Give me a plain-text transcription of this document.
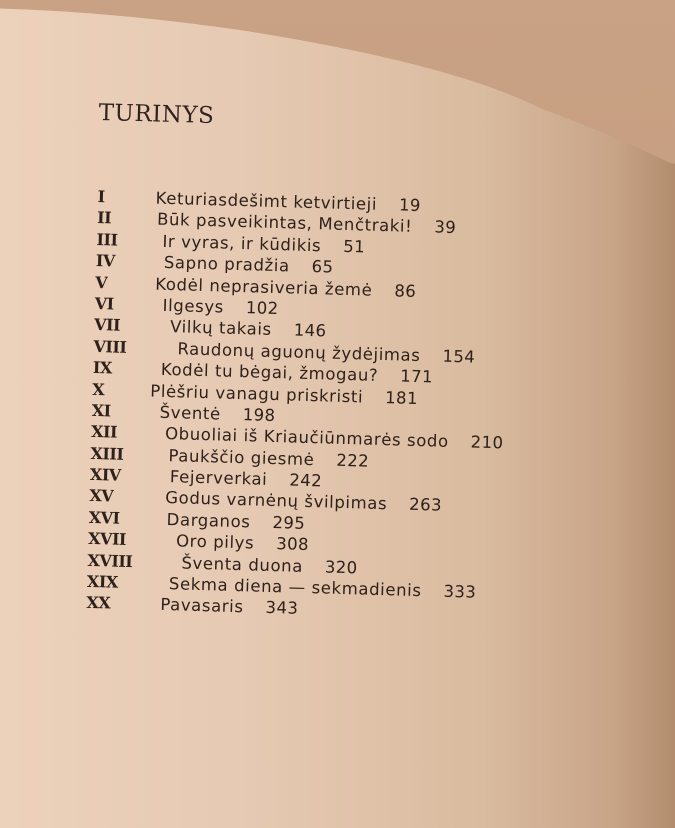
TURINYS
I	Keturiasdešimt ketvirtieji 19
II	Būk pasveikintas, Menčtraki! 39
III	Ir vyras, ir kūdikis 51
IV	Sapno pradžia 65
V	Kodėl neprasiveria žemė 86
VI	Ilgesys 102
VII	Vilkų takais 146
VIII	Raudonų aguonų žydėjimas 154
IX	Kodėl tu bėgai, žmogau? 171
X	Plėšriu vanagu priskristi 181
XI	Šventė 198
XII	Obuoliai iš Kriaučiūnmarės sodo 210
XIII	Paukščio giesmė 222
XIV	Fejerverkai 242
XV	Godus varnėnų švilpimas 263
XVI	Darganos 295
XVII	Oro pilys 308
XVIII	Šventa duona 320
XIX	Sekma diena — sekmadienis 333
XX	Pavasaris 343
